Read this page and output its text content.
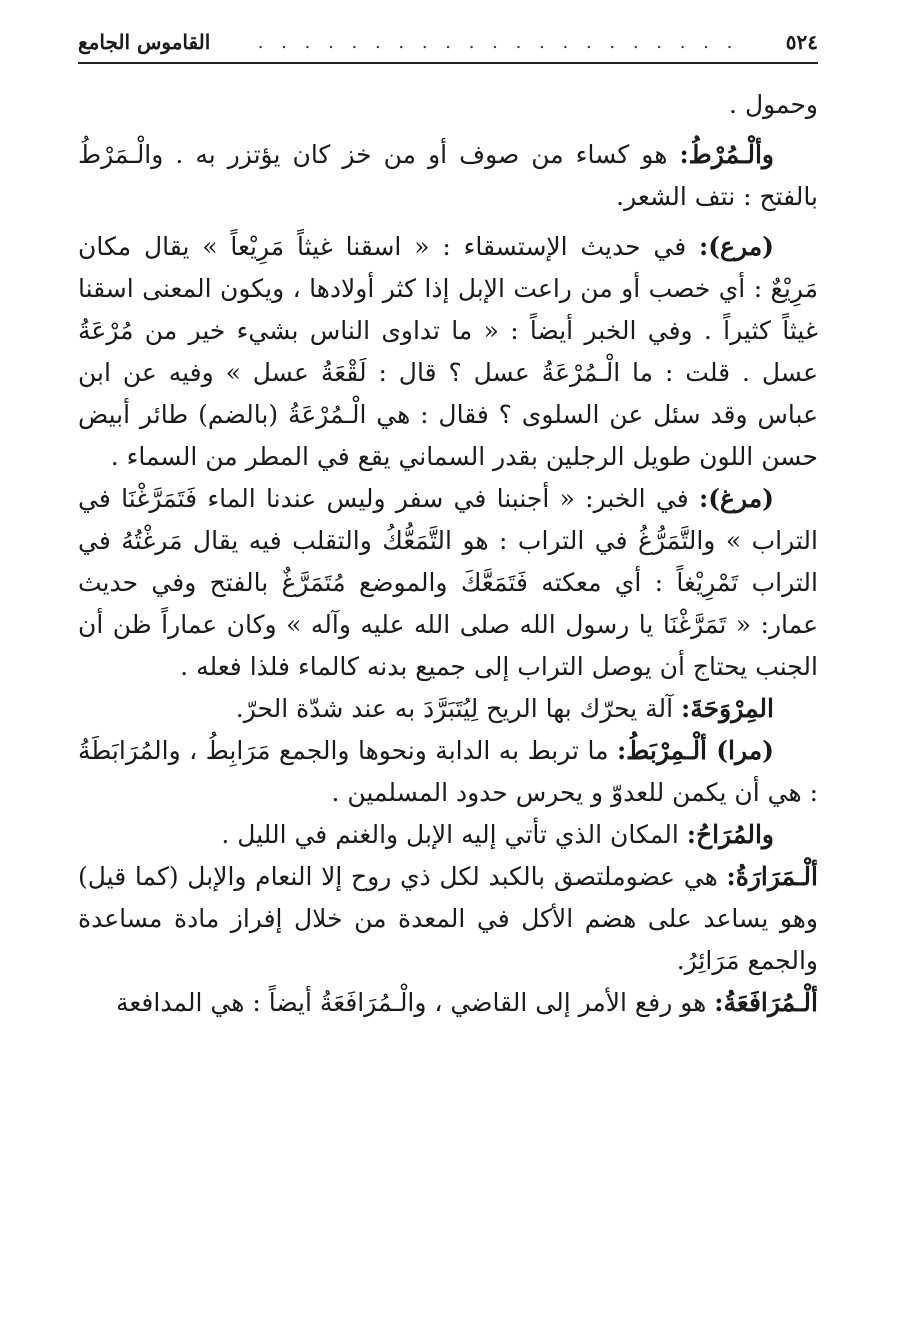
٥٢٤
. . . . . . . . . . . . . . . . . . . . .
القاموس الجامع

وحمول .

وألْـمُرْطُ: هو كساء من صوف أو من خز كان يؤتزر به . والْـمَرْطُ بالفتح : نتف الشعر.

(مرع): في حديث الإستسقاء : « اسقنا غيثاً مَرِيْعاً » يقال مكان مَرِيْعٌ : أي خصب أو من راعت الإبل إذا كثر أولادها ، ويكون المعنى اسقنا غيثاً كثيراً . وفي الخبر أيضاً : « ما تداوى الناس بشيء خير من مُرْعَةُ عسل . قلت : ما الْـمُرْعَةُ عسل ؟ قال : لَقْعَةُ عسل » وفيه عن ابن عباس وقد سئل عن السلوى ؟ فقال : هي الْـمُرْعَةُ (بالضم) طائر أبيض حسن اللون طويل الرجلين بقدر السماني يقع في المطر من السماء .

(مرغ): في الخبر: « أجنبنا في سفر وليس عندنا الماء فَتَمَرَّغْنَا في التراب » والتَّمَرُّغُ في التراب : هو التَّمَعُّكُ والتقلب فيه يقال مَرغْتُهُ في التراب تَمْرِيْغاً : أي معكته فَتَمَعَّكَ والموضع مُتَمَرَّغٌ بالفتح وفي حديث عمار: « تَمَرَّغْنَا يا رسول الله صلى الله عليه وآله » وكان عماراً ظن أن الجنب يحتاج أن يوصل التراب إلى جميع بدنه كالماء فلذا فعله .

المِرْوَحَةَ: آلة يحرّك بها الريح لِيُتَبَرَّدَ به عند شدّة الحرّ.

(مرا) ألْـمِرْبَطُ: ما تربط به الدابة ونحوها والجمع مَرَابِطُ ، والمُرَابَطَةُ : هي أن يكمن للعدوّ و يحرس حدود المسلمين .

والمُرَاحُ: المكان الذي تأتي إليه الإبل والغنم في الليل .

ألْـمَرَارَةُ: هي عضوملتصق بالكبد لكل ذي روح إلا النعام والإبل (كما قيل) وهو يساعد على هضم الأكل في المعدة من خلال إفراز مادة مساعدة والجمع مَرَائِرُ.

ألْـمُرَافَعَةُ: هو رفع الأمر إلى القاضي ، والْـمُرَافَعَةُ أيضاً : هي المدافعة
